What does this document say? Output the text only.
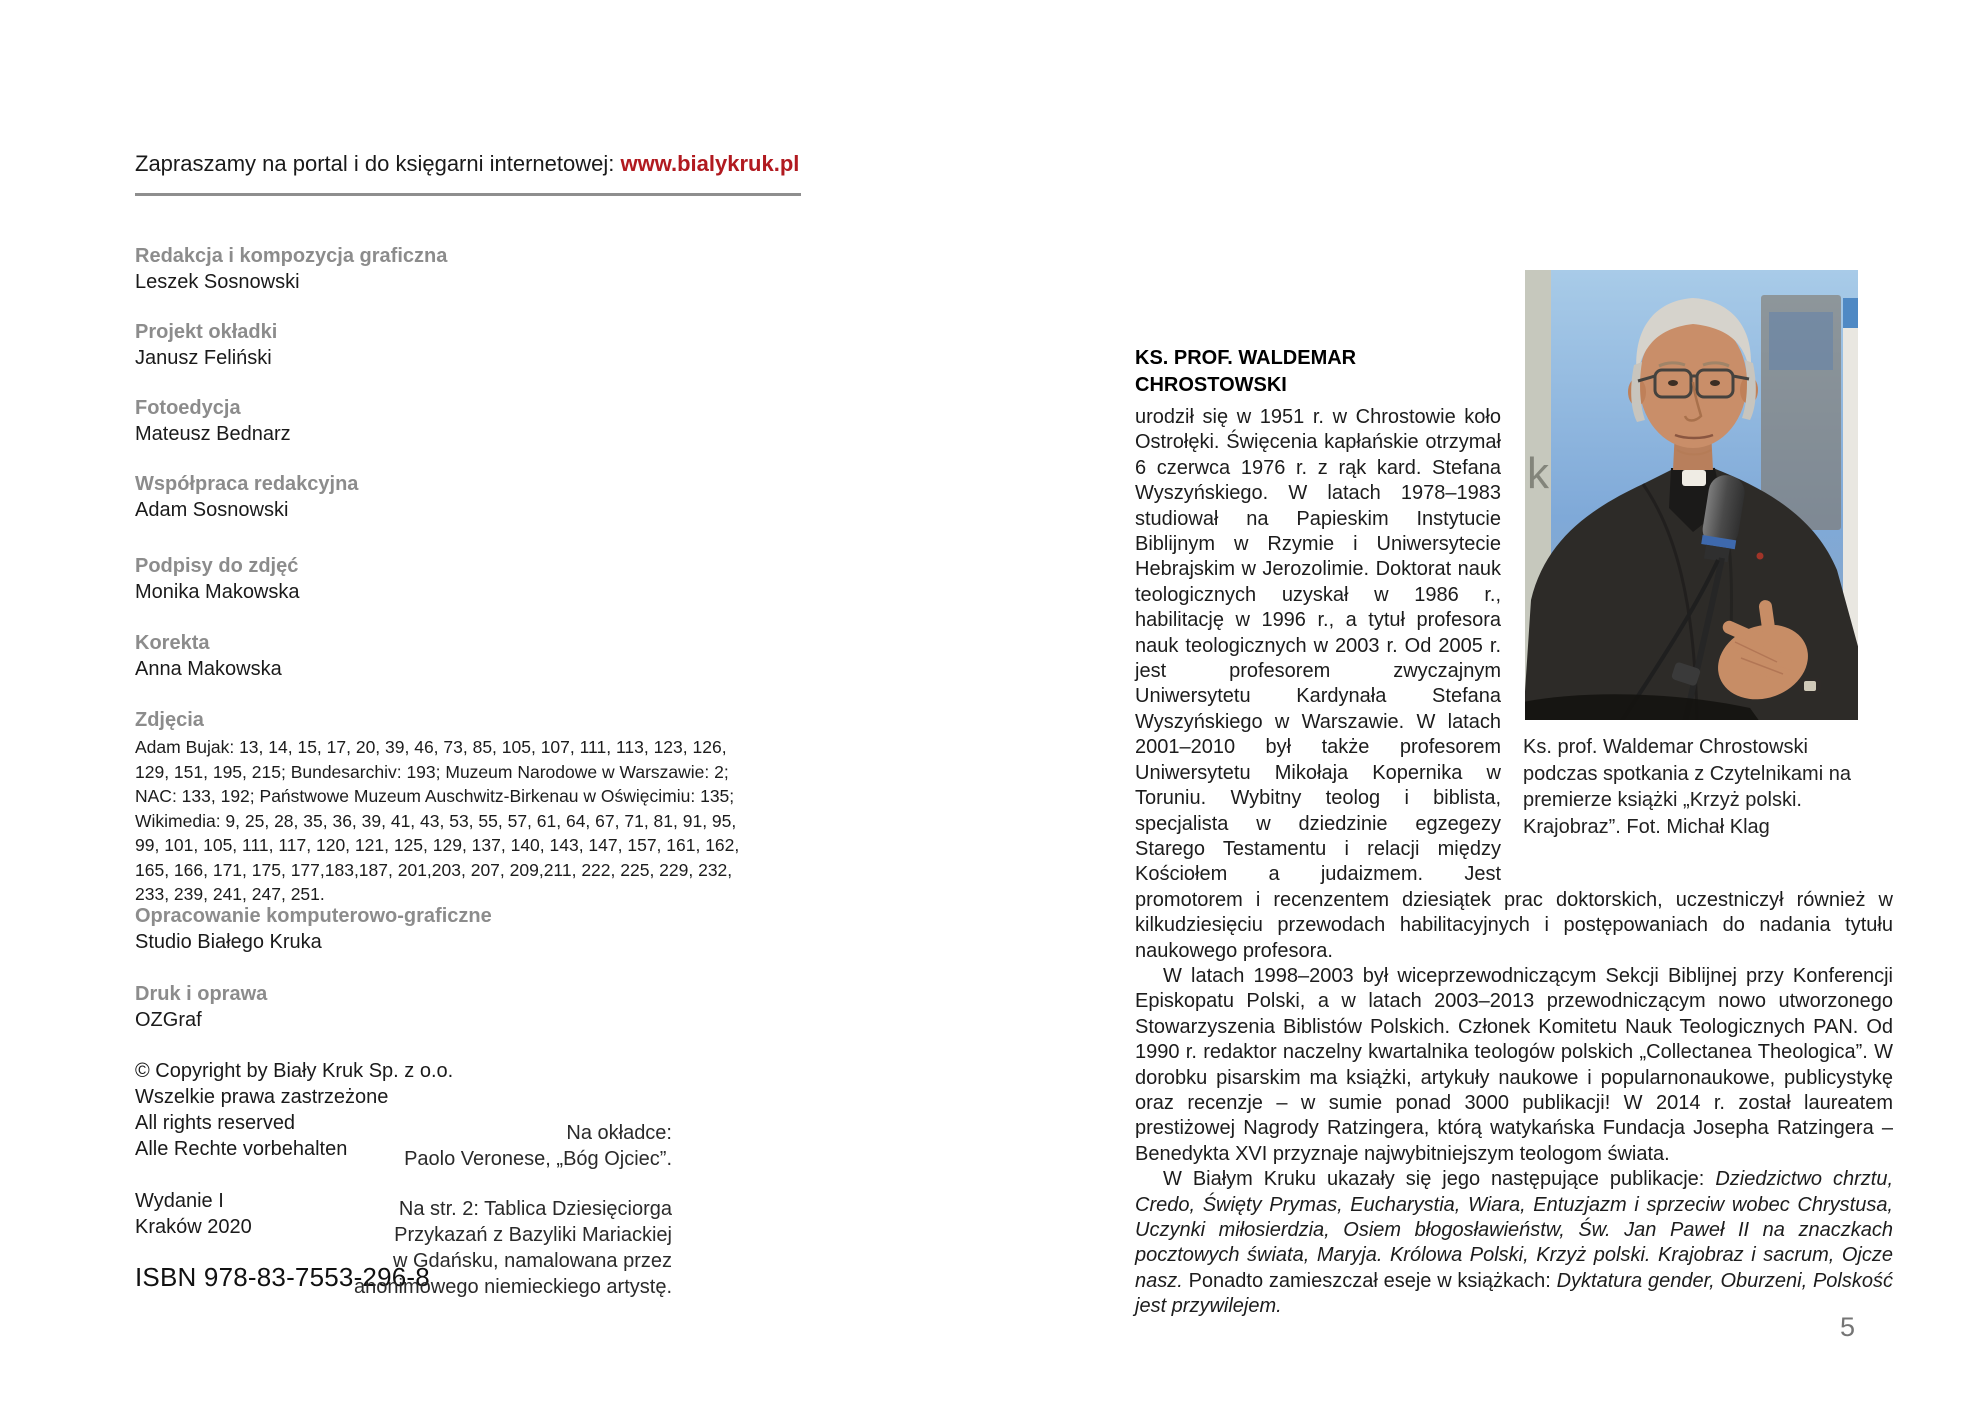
Zapraszamy na portal i do księgarni internetowej: www.bialykruk.pl
Redakcja i kompozycja graficzna
Leszek Sosnowski
Projekt okładki
Janusz Feliński
Fotoedycja
Mateusz Bednarz
Współpraca redakcyjna
Adam Sosnowski
Podpisy do zdjęć
Monika Makowska
Korekta
Anna Makowska
Zdjęcia
Adam Bujak: 13, 14, 15, 17, 20, 39, 46, 73, 85, 105, 107, 111, 113, 123, 126, 129, 151, 195, 215; Bundesarchiv: 193; Muzeum Narodowe w Warszawie: 2; NAC: 133, 192; Państwowe Muzeum Auschwitz-Birkenau w Oświęcimiu: 135; Wikimedia: 9, 25, 28, 35, 36, 39, 41, 43, 53, 55, 57, 61, 64, 67, 71, 81, 91, 95, 99, 101, 105, 111, 117, 120, 121, 125, 129, 137, 140, 143, 147, 157, 161, 162, 165, 166, 171, 175, 177,183,187, 201,203, 207, 209,211, 222, 225, 229, 232, 233, 239, 241, 247, 251.
Opracowanie komputerowo-graficzne
Studio Białego Kruka
Druk i oprawa
OZGraf
© Copyright by Biały Kruk Sp. z o.o.
Wszelkie prawa zastrzeżone
All rights reserved
Alle Rechte vorbehalten
Wydanie I
Kraków 2020
ISBN 978-83-7553-296-8
Na okładce:
Paolo Veronese, „Bóg Ojciec”.
Na str. 2: Tablica Dziesięciorga
Przykazań z Bazyliki Mariackiej
w Gdańsku, namalowana przez
anonimowego niemieckiego artystę.
KS. PROF. WALDEMAR CHROSTOWSKI

urodził się w 1951 r. w Chrostowie koło Ostrołęki. Święcenia kapłańskie otrzymał 6 czerwca 1976 r. z rąk kard. Stefana Wyszyńskiego. W latach 1978–1983 studiował na Papieskim Instytucie Biblijnym w Rzymie i Uniwersytecie Hebrajskim w Jerozolimie. Doktorat nauk teologicznych uzyskał w 1986 r., habilitację w 1996 r., a tytuł profesora nauk teologicznych w 2003 r. Od 2005 r. jest profesorem zwyczajnym Uniwersytetu Kardynała Stefana Wyszyńskiego w Warszawie. W latach 2001–2010 był także profesorem Uniwersytetu Mikołaja Kopernika w Toruniu. Wybitny teolog i biblista, specjalista w dziedzinie egzegezy Starego Testamentu i relacji między Kościołem a judaizmem. Jest promotorem i recenzentem dziesiątek prac doktorskich, uczestniczył również w kilkudziesięciu przewodach habilitacyjnych i postępowaniach do nadania tytułu naukowego profesora.

W latach 1998–2003 był wiceprzewodniczącym Sekcji Biblijnej przy Konferencji Episkopatu Polski, a w latach 2003–2013 przewodniczącym nowo utworzonego Stowarzyszenia Biblistów Polskich. Członek Komitetu Nauk Teologicznych PAN. Od 1990 r. redaktor naczelny kwartalnika teologów polskich „Collectanea Theologica”. W dorobku pisarskim ma książki, artykuły naukowe i popularnonaukowe, publicystykę oraz recenzje – w sumie ponad 3000 publikacji! W 2014 r. został laureatem prestiżowej Nagrody Ratzingera, którą watykańska Fundacja Josepha Ratzingera – Benedykta XVI przyznaje najwybitniejszym teologom świata.

W Białym Kruku ukazały się jego następujące publikacje: Dziedzictwo chrztu, Credo, Święty Prymas, Eucharystia, Wiara, Entuzjazm i sprzeciw wobec Chrystusa, Uczynki miłosierdzia, Osiem błogosławieństw, Św. Jan Paweł II na znaczkach pocztowych świata, Maryja. Królowa Polski, Krzyż polski. Krajobraz i sacrum, Ojcze nasz. Ponadto zamieszczał eseje w książkach: Dyktatura gender, Oburzeni, Polskość jest przywilejem.

k
Ks. prof. Waldemar Chrostowski podczas spotkania z Czytelnikami na premierze książki „Krzyż polski. Krajobraz”. Fot. Michał Klag
5
